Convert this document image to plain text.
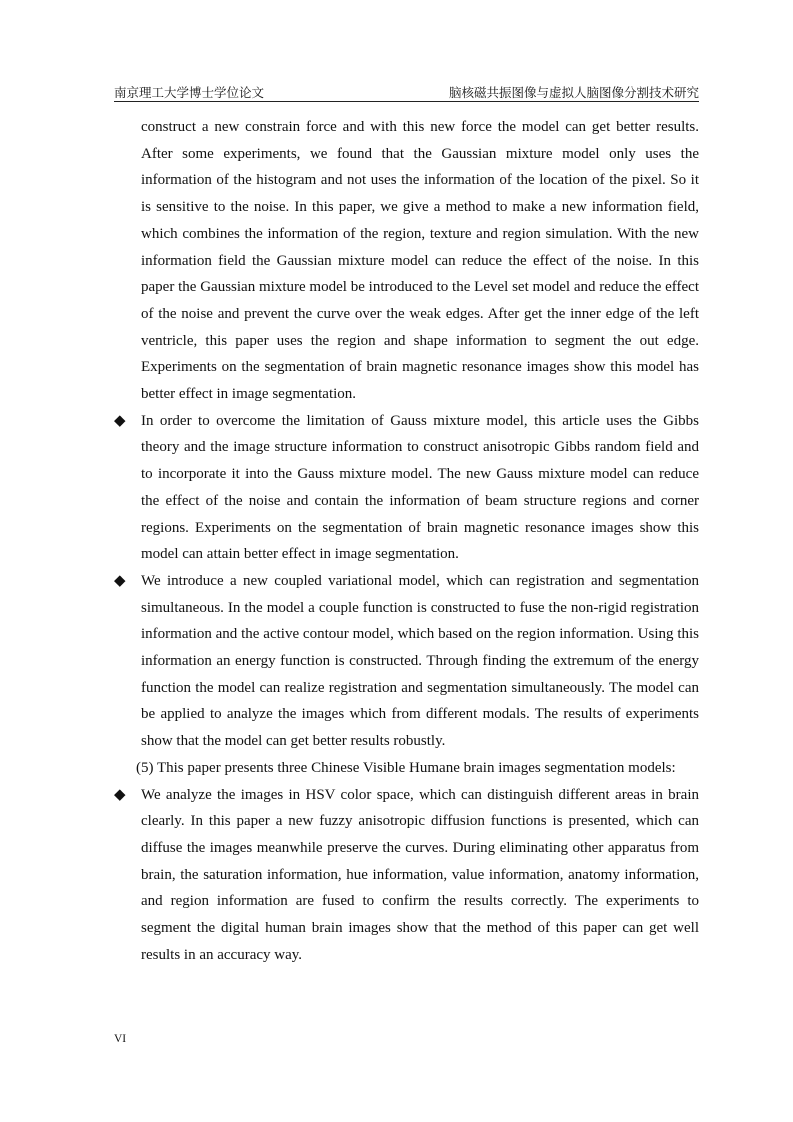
南京理工大学博士学位论文	脑核磁共振图像与虚拟人脑图像分割技术研究

construct a new constrain force and with this new force the model can get better results. After some experiments, we found that the Gaussian mixture model only uses the information of the histogram and not uses the information of the location of the pixel. So it is sensitive to the noise. In this paper, we give a method to make a new information field, which combines the information of the region, texture and region simulation. With the new information field the Gaussian mixture model can reduce the effect of the noise. In this paper the Gaussian mixture model be introduced to the Level set model and reduce the effect of the noise and prevent the curve over the weak edges. After get the inner edge of the left ventricle, this paper uses the region and shape information to segment the out edge. Experiments on the segmentation of brain magnetic resonance images show this model has better effect in image segmentation.

◆	In order to overcome the limitation of Gauss mixture model, this article uses the Gibbs theory and the image structure information to construct anisotropic Gibbs random field and to incorporate it into the Gauss mixture model. The new Gauss mixture model can reduce the effect of the noise and contain the information of beam structure regions and corner regions. Experiments on the segmentation of brain magnetic resonance images show this model can attain better effect in image segmentation.
◆	We introduce a new coupled variational model, which can registration and segmentation simultaneous. In the model a couple function is constructed to fuse the non-rigid registration information and the active contour model, which based on the region information. Using this information an energy function is constructed. Through finding the extremum of the energy function the model can realize registration and segmentation simultaneously. The model can be applied to analyze the images which from different modals. The results of experiments show that the model can get better results robustly.

(5) This paper presents three Chinese Visible Humane brain images segmentation models:

◆	We analyze the images in HSV color space, which can distinguish different areas in brain clearly. In this paper a new fuzzy anisotropic diffusion functions is presented, which can diffuse the images meanwhile preserve the curves. During eliminating other apparatus from brain, the saturation information, hue information, value information, anatomy information, and region information are fused to confirm the results correctly. The experiments to segment the digital human brain images show that the method of this paper can get well results in an accuracy way.
VI
